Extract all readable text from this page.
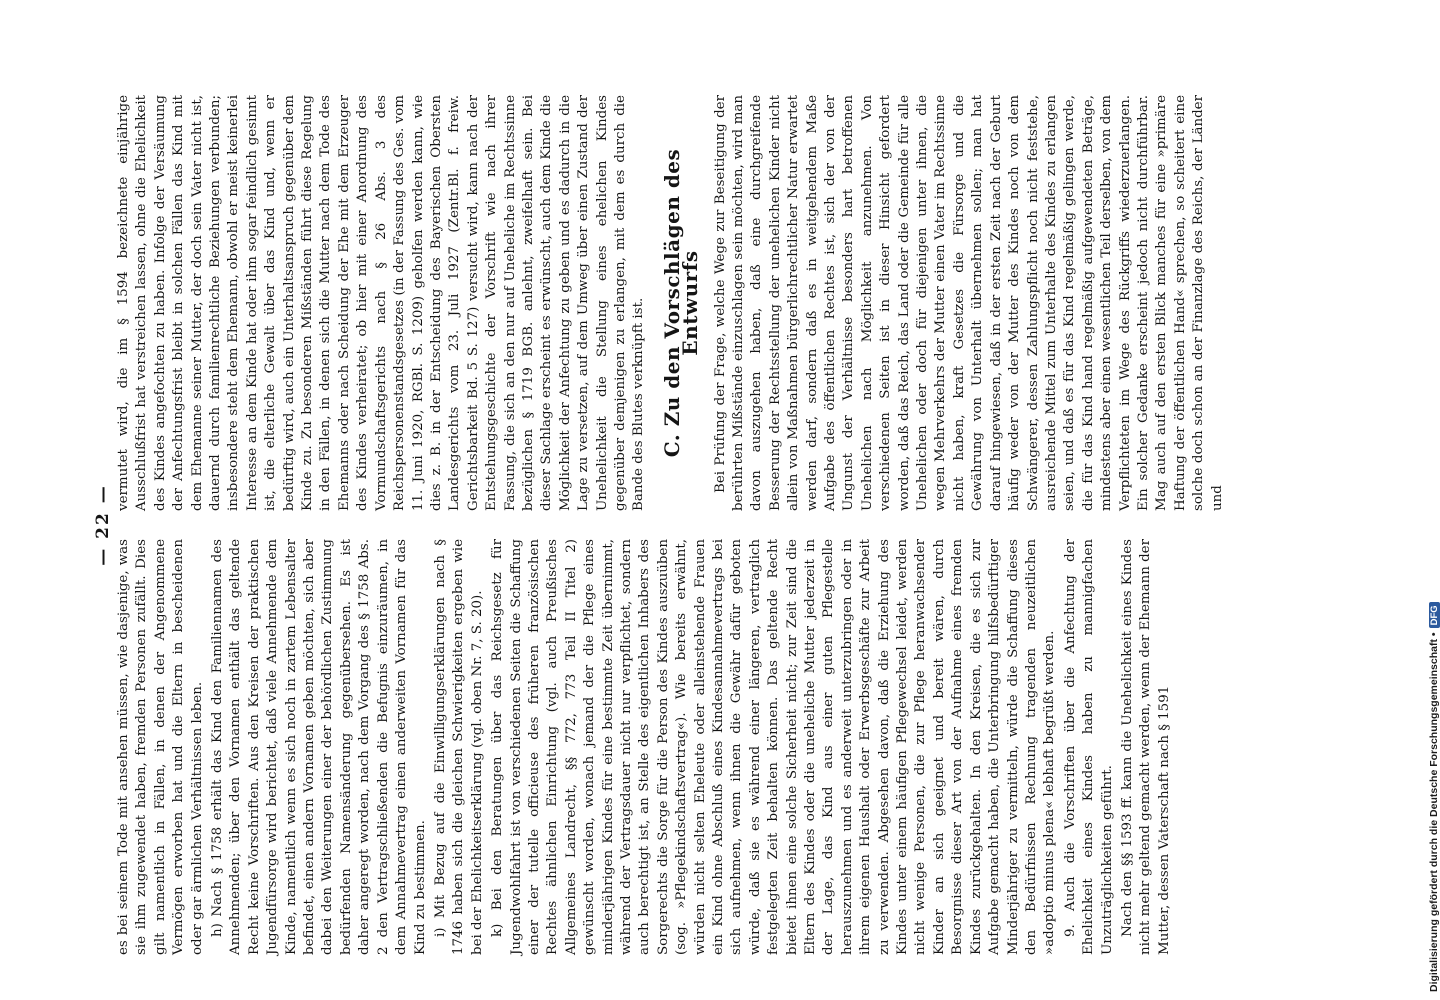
— 22 —

es bei seinem Tode mit ansehen müssen, wie dasjenige, was sie ihm zugewendet haben, fremden Personen zufällt. Dies gilt namentlich in Fällen, in denen der Angenommene Vermögen erworben hat und die Eltern in bescheidenen oder gar ärmlichen Verhältnissen leben. h) Nach § 1758 erhält das Kind den Familiennamen des Annehmenden; über den Vornamen enthält das geltende Recht keine Vorschriften. Aus den Kreisen der praktischen Jugendfürsorge wird berichtet, daß viele Annehmende dem Kinde, namentlich wenn es sich noch in zartem Lebensalter befindet, einen andern Vornamen geben möchten, sich aber dabei den Weiterungen einer der behördlichen Zustimmung bedürfenden Namensänderung gegenübersehen. Es ist daher angeregt worden, nach dem Vorgang des § 1758 Abs. 2 den Vertragschließenden die Befugnis einzuräumen, in dem Annahmevertrag einen anderweiten Vornamen für das Kind zu bestimmen. i) Mit Bezug auf die Einwilligungserklärungen nach § 1746 haben sich die gleichen Schwierigkeiten ergeben wie bei der Ehelichkeitserklärung (vgl. oben Nr. 7, S. 20). k) Bei den Beratungen über das Reichsgesetz für Jugendwohlfahrt ist von verschiedenen Seiten die Schaffung einer der tutelle officieuse des früheren französischen Rechtes ähnlichen Einrichtung (vgl. auch Preußisches Allgemeines Landrecht, §§ 772, 773 Teil II Titel 2) gewünscht worden, wonach jemand der die Pflege eines minderjährigen Kindes für eine bestimmte Zeit übernimmt, während der Vertragsdauer nicht nur verpflichtet, sondern auch berechtigt ist, an Stelle des eigentlichen Inhabers des Sorgerechts die Sorge für die Person des Kindes auszuüben (sog. »Pflegekindschaftsvertrag«). Wie bereits erwähnt, würden nicht selten Eheleute oder alleinstehende Frauen ein Kind ohne Abschluß eines Kindesannahmevertrags bei sich aufnehmen, wenn ihnen die Gewähr dafür geboten würde, daß sie es während einer längeren, vertraglich festgelegten Zeit behalten können. Das geltende Recht bietet ihnen eine solche Sicherheit nicht; zur Zeit sind die Eltern des Kindes oder die uneheliche Mutter jederzeit in der Lage, das Kind aus einer guten Pflegestelle herauszunehmen und es anderweit unterzubringen oder in ihrem eigenen Haushalt oder Erwerbsgeschäfte zur Arbeit zu verwenden. Abgesehen davon, daß die Erziehung des Kindes unter einem häufigen Pflegewechsel leidet, werden nicht wenige Personen, die zur Pflege heranwachsender Kinder an sich geeignet und bereit wären, durch Besorgnisse dieser Art von der Aufnahme eines fremden Kindes zurückgehalten. In den Kreisen, die es sich zur Aufgabe gemacht haben, die Unterbringung hilfsbedürftiger Minderjähriger zu vermitteln, würde die Schaffung dieses den Bedürfnissen Rechnung tragenden neuzeitlichen »adoptio minus plena« lebhaft begrüßt werden. 9. Auch die Vorschriften über die Anfechtung der Ehelichkeit eines Kindes haben zu mannigfachen Unzuträglichkeiten geführt. Nach den §§ 1593 ff. kann die Unehelichkeit eines Kindes nicht mehr geltend gemacht werden, wenn der Ehemann der Mutter, dessen Vaterschaft nach § 1591

vermutet wird, die im § 1594 bezeichnete einjährige Ausschlußfrist hat verstreichen lassen, ohne die Ehelichkeit des Kindes angefochten zu haben. Infolge der Versäumung der Anfechtungsfrist bleibt in solchen Fällen das Kind mit dem Ehemanne seiner Mutter, der doch sein Vater nicht ist, dauernd durch familienrechtliche Beziehungen verbunden; insbesondere steht dem Ehemann, obwohl er meist keinerlei Interesse an dem Kinde hat oder ihm sogar feindlich gesinnt ist, die elterliche Gewalt über das Kind und, wenn er bedürftig wird, auch ein Unterhaltsanspruch gegenüber dem Kinde zu. Zu besonderen Mißständen führt diese Regelung in den Fällen, in denen sich die Mutter nach dem Tode des Ehemanns oder nach Scheidung der Ehe mit dem Erzeuger des Kindes verheiratet; ob hier mit einer Anordnung des Vormundschaftsgerichts nach § 26 Abs. 3 des Reichspersonenstandsgesetzes (in der Fassung des Ges. vom 11. Juni 1920, RGBl. S. 1209) geholfen werden kann, wie dies z. B. in der Entscheidung des Bayerischen Obersten Landesgerichts vom 23. Juli 1927 (Zentr.Bl. f. freiw. Gerichtsbarkeit Bd. 5 S. 127) versucht wird, kann nach der Entstehungsgeschichte der Vorschrift wie nach ihrer Fassung, die sich an den nur auf Uneheliche im Rechtssinne bezüglichen § 1719 BGB. anlehnt, zweifelhaft sein. Bei dieser Sachlage erscheint es erwünscht, auch dem Kinde die Möglichkeit der Anfechtung zu geben und es dadurch in die Lage zu versetzen, auf dem Umweg über einen Zustand der Unehelichkeit die Stellung eines ehelichen Kindes gegenüber demjenigen zu erlangen, mit dem es durch die Bande des Blutes verknüpft ist. C. Zu den Vorschlägen des Entwurfs Bei Prüfung der Frage, welche Wege zur Beseitigung der berührten Mißstände einzuschlagen sein möchten, wird man davon auszugehen haben, daß eine durchgreifende Besserung der Rechtsstellung der unehelichen Kinder nicht allein von Maßnahmen bürgerlichrechtlicher Natur erwartet werden darf, sondern daß es in weitgehendem Maße Aufgabe des öffentlichen Rechtes ist, sich der von der Ungunst der Verhältnisse besonders hart betroffenen Unehelichen nach Möglichkeit anzunehmen. Von verschiedenen Seiten ist in dieser Hinsicht gefordert worden, daß das Reich, das Land oder die Gemeinde für alle Unehelichen oder doch für diejenigen unter ihnen, die wegen Mehrverkehrs der Mutter einen Vater im Rechtssinne nicht haben, kraft Gesetzes die Fürsorge und die Gewährung von Unterhalt übernehmen sollen; man hat darauf hingewiesen, daß in der ersten Zeit nach der Geburt häufig weder von der Mutter des Kindes noch von dem Schwängerer, dessen Zahlungspflicht noch nicht feststehe, ausreichende Mittel zum Unterhalte des Kindes zu erlangen seien, und daß es für das Kind regelmäßig gelingen werde, die für das Kind hand regelmäßig aufgewendeten Beträge, mindestens aber einen wesentlichen Teil derselben, von dem Verpflichteten im Wege des Rückgriffs wiederzuerlangen. Ein solcher Gedanke erscheint jedoch nicht durchführbar. Mag auch auf den ersten Blick manches für eine »primäre Haftung der öffentlichen Hand« sprechen, so scheitert eine solche doch schon an der Finanzlage des Reichs, der Länder und

Digitalisierung gefördert durch die Deutsche Forschungsgemeinschaft •DFG
